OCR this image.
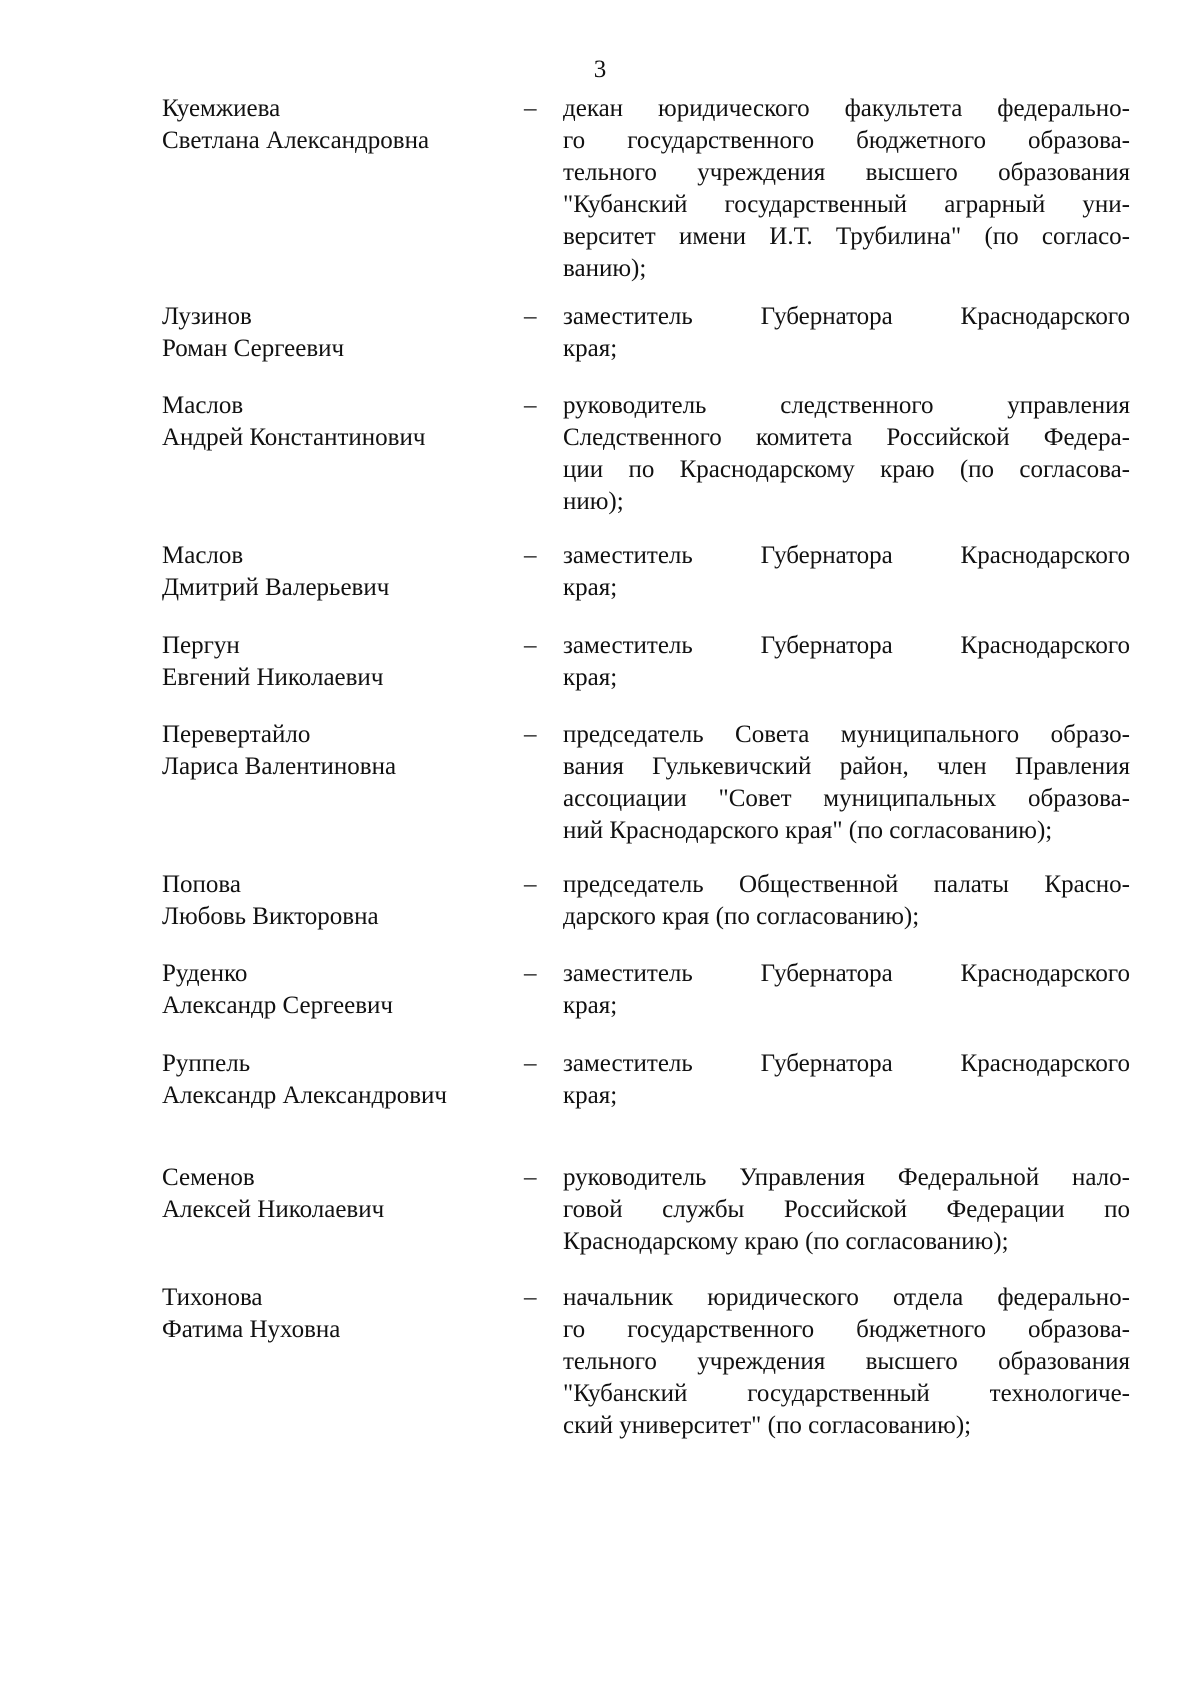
3
Куемжиева
Светлана Александровна
– декан юридического факультета федерально-
го государственного бюджетного образова-
тельного учреждения высшего образования
"Кубанский государственный аграрный уни-
верситет имени И.Т. Трубилина" (по согласо-
ванию);
Лузинов
Роман Сергеевич
– заместитель Губернатора Краснодарского
края;
Маслов
Андрей Константинович
– руководитель следственного управления
Следственного комитета Российской Федера-
ции по Краснодарскому краю (по согласова-
нию);
Маслов
Дмитрий Валерьевич
– заместитель Губернатора Краснодарского
края;
Пергун
Евгений Николаевич
– заместитель Губернатора Краснодарского
края;
Перевертайло
Лариса Валентиновна
– председатель Совета муниципального образо-
вания Гулькевичский район, член Правления
ассоциации "Совет муниципальных образова-
ний Краснодарского края" (по согласованию);
Попова
Любовь Викторовна
– председатель Общественной палаты Красно-
дарского края (по согласованию);
Руденко
Александр Сергеевич
– заместитель Губернатора Краснодарского
края;
Руппель
Александр Александрович
– заместитель Губернатора Краснодарского
края;
Семенов
Алексей Николаевич
– руководитель Управления Федеральной нало-
говой службы Российской Федерации по
Краснодарскому краю (по согласованию);
Тихонова
Фатима Нуховна
– начальник юридического отдела федерально-
го государственного бюджетного образова-
тельного учреждения высшего образования
"Кубанский государственный технологиче-
ский университет" (по согласованию);
